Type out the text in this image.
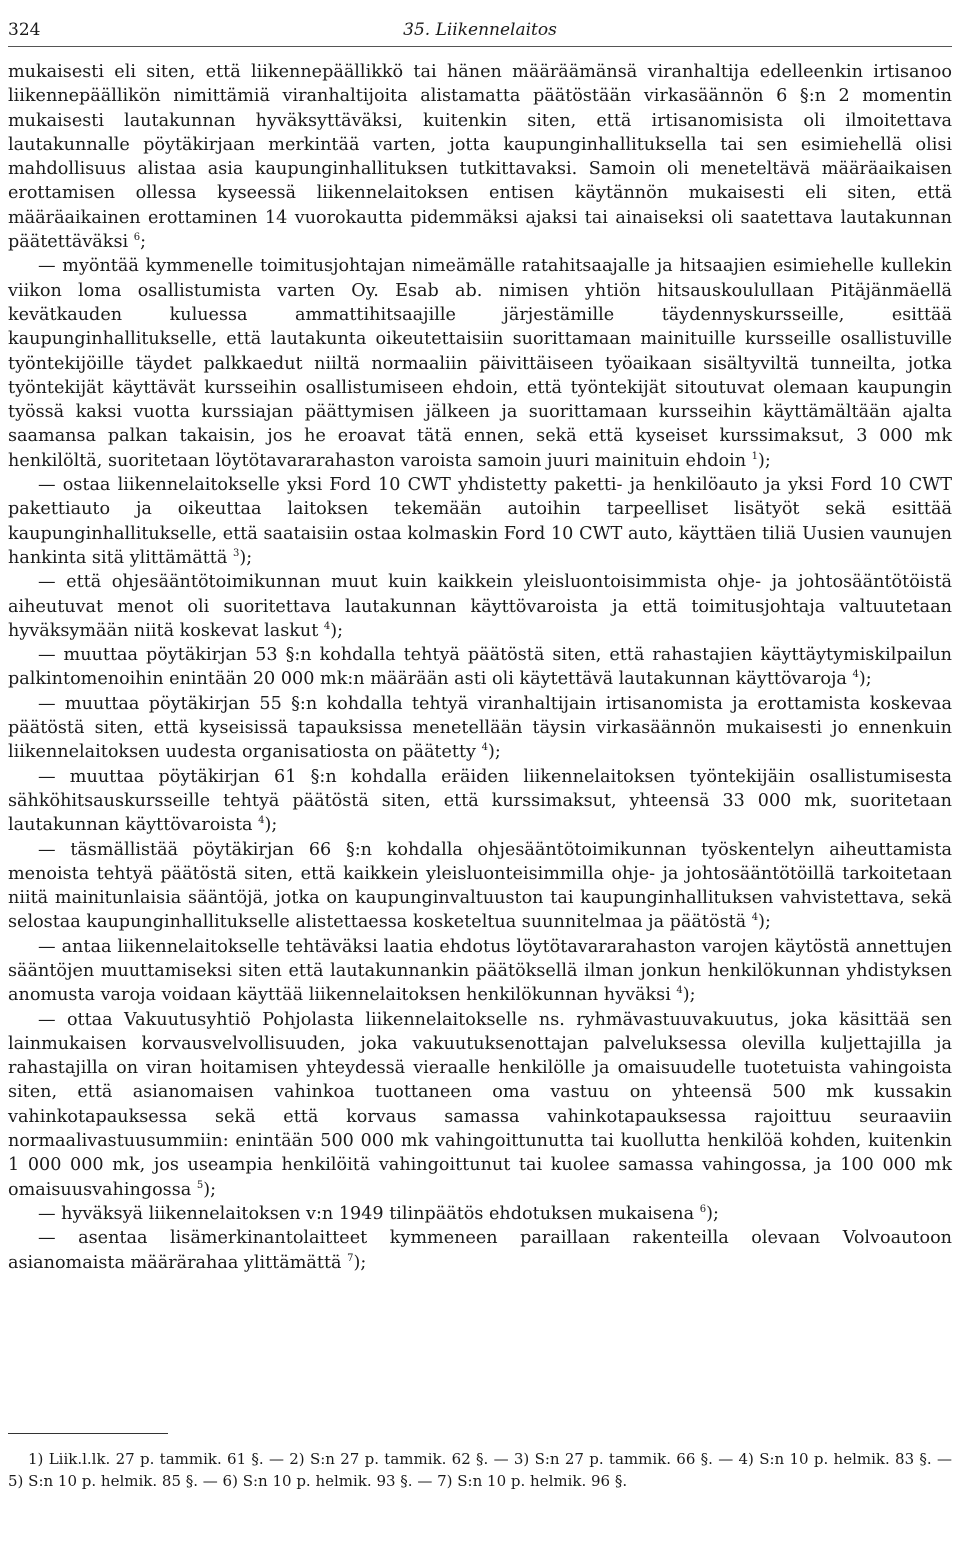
324	35. Liikennelaitos

mukaisesti eli siten, että liikennepäällikkö tai hänen määräämänsä viranhaltija edelleenkin irtisanoo liikennepäällikön nimittämiä viranhaltijoita alistamatta päätöstään virkasäännön 6 §:n 2 momentin mukaisesti lautakunnan hyväksyttäväksi, kuitenkin siten, että irtisanomisista oli ilmoitettava lautakunnalle pöytäkirjaan merkintää varten, jotta kaupunginhallituksella tai sen esimiehellä olisi mahdollisuus alistaa asia kaupunginhallituksen tutkittavaksi. Samoin oli meneteltävä määräaikaisen erottamisen ollessa kyseessä liikennelaitoksen entisen käytännön mukaisesti eli siten, että määräaikainen erottaminen 14 vuorokautta pidemmäksi ajaksi tai ainaiseksi oli saatettava lautakunnan päätettäväksi $^6$;

— myöntää kymmenelle toimitusjohtajan nimeämälle ratahitsaajalle ja hitsaajien esimiehelle kullekin viikon loma osallistumista varten Oy. Esab ab. nimisen yhtiön hitsauskoulullaan Pitäjänmäellä kevätkauden kuluessa ammattihitsaajille järjestämille täydennyskursseille, esittää kaupunginhallitukselle, että lautakunta oikeutettaisiin suorittamaan mainituille kursseille osallistuville työntekijöille täydet palkkaedut niiltä normaaliin päivittäiseen työaikaan sisältyviltä tunneilta, jotka työntekijät käyttävät kursseihin osallistumiseen ehdoin, että työntekijät sitoutuvat olemaan kaupungin työssä kaksi vuotta kurssiajan päättymisen jälkeen ja suorittamaan kursseihin käyttämältään ajalta saamansa palkan takaisin, jos he eroavat tätä ennen, sekä että kyseiset kurssimaksut, 3 000 mk henkilöltä, suoritetaan löytötavararahaston varoista samoin juuri mainituin ehdoin $^1$);

— ostaa liikennelaitokselle yksi Ford 10 CWT yhdistetty paketti- ja henkilöauto ja yksi Ford 10 CWT pakettiauto ja oikeuttaa laitoksen tekemään autoihin tarpeelliset lisätyöt sekä esittää kaupunginhallitukselle, että saataisiin ostaa kolmaskin Ford 10 CWT auto, käyttäen tiliä Uusien vaunujen hankinta sitä ylittämättä $^3$);

— että ohjesääntötoimikunnan muut kuin kaikkein yleisluontoisimmista ohje- ja johtosääntötöistä aiheutuvat menot oli suoritettava lautakunnan käyttövaroista ja että toimitusjohtaja valtuutetaan hyväksymään niitä koskevat laskut $^4$);

— muuttaa pöytäkirjan 53 §:n kohdalla tehtyä päätöstä siten, että rahastajien käyttäytymiskilpailun palkintomenoihin enintään 20 000 mk:n määrään asti oli käytettävä lautakunnan käyttövaroja $^4$);

— muuttaa pöytäkirjan 55 §:n kohdalla tehtyä viranhaltijain irtisanomista ja erottamista koskevaa päätöstä siten, että kyseisissä tapauksissa menetellään täysin virkasäännön mukaisesti jo ennenkuin liikennelaitoksen uudesta organisatiosta on päätetty $^4$);

— muuttaa pöytäkirjan 61 §:n kohdalla eräiden liikennelaitoksen työntekijäin osallistumisesta sähköhitsauskursseille tehtyä päätöstä siten, että kurssimaksut, yhteensä 33 000 mk, suoritetaan lautakunnan käyttövaroista $^4$);

— täsmällistää pöytäkirjan 66 §:n kohdalla ohjesääntötoimikunnan työskentelyn aiheuttamista menoista tehtyä päätöstä siten, että kaikkein yleisluonteisimmilla ohje- ja johtosääntötöillä tarkoitetaan niitä mainitunlaisia sääntöjä, jotka on kaupunginvaltuuston tai kaupunginhallituksen vahvistettava, sekä selostaa kaupunginhallitukselle alistettaessa kosketeltua suunnitelmaa ja päätöstä $^4$);

— antaa liikennelaitokselle tehtäväksi laatia ehdotus löytötavararahaston varojen käytöstä annettujen sääntöjen muuttamiseksi siten että lautakunnankin päätöksellä ilman jonkun henkilökunnan yhdistyksen anomusta varoja voidaan käyttää liikennelaitoksen henkilökunnan hyväksi $^4$);

— ottaa Vakuutusyhtiö Pohjolasta liikennelaitokselle ns. ryhmävastuuvakuutus, joka käsittää sen lainmukaisen korvausvelvollisuuden, joka vakuutuksenottajan palveluksessa olevilla kuljettajilla ja rahastajilla on viran hoitamisen yhteydessä vieraalle henkilölle ja omaisuudelle tuotetuista vahingoista siten, että asianomaisen vahinkoa tuottaneen oma vastuu on yhteensä 500 mk kussakin vahinkotapauksessa sekä että korvaus samassa vahinkotapauksessa rajoittuu seuraaviin normaalivastuusummiin: enintään 500 000 mk vahingoittunutta tai kuollutta henkilöä kohden, kuitenkin 1 000 000 mk, jos useampia henkilöitä vahingoittunut tai kuolee samassa vahingossa, ja 100 000 mk omaisuusvahingossa $^5$);

— hyväksyä liikennelaitoksen v:n 1949 tilinpäätös ehdotuksen mukaisena $^6$);

— asentaa lisämerkinantolaitteet kymmeneen paraillaan rakenteilla olevaan Volvoautoon asianomaista määrärahaa ylittämättä $^7$);

1) Liik.l.lk. 27 p. tammik. 61 §. — 2) S:n 27 p. tammik. 62 §. — 3) S:n 27 p. tammik. 66 §. — 4) S:n 10 p. helmik. 83 §. — 5) S:n 10 p. helmik. 85 §. — 6) S:n 10 p. helmik. 93 §. — 7) S:n 10 p. helmik. 96 §.
